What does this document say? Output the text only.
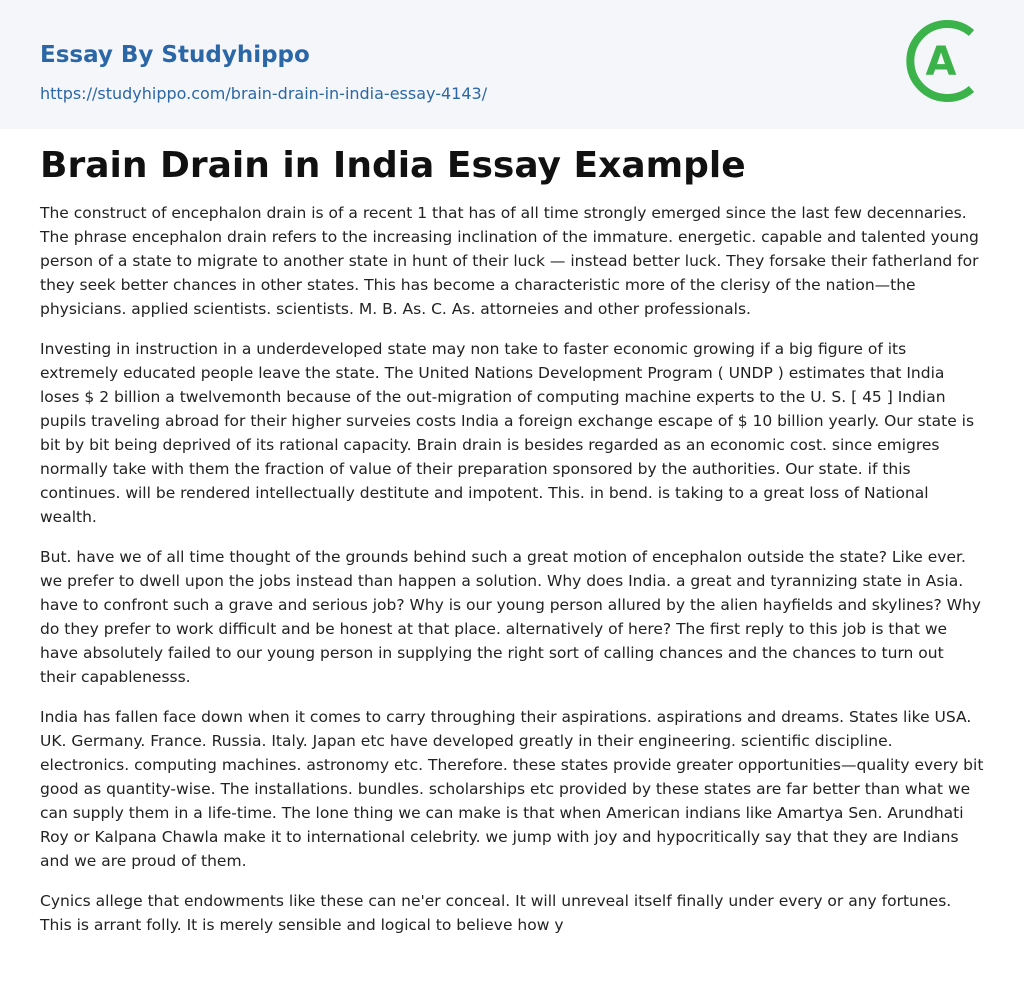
Essay By Studyhippo
https://studyhippo.com/brain-drain-in-india-essay-4143/
A
Brain Drain in India Essay Example

The construct of encephalon drain is of a recent 1 that has of all time strongly emerged since the last few decennaries. The phrase encephalon drain refers to the increasing inclination of the immature. energetic. capable and talented young person of a state to migrate to another state in hunt of their luck — instead better luck. They forsake their fatherland for they seek better chances in other states. This has become a characteristic more of the clerisy of the nation—the physicians. applied scientists. scientists. M. B. As. C. As. attorneies and other professionals.

Investing in instruction in a underdeveloped state may non take to faster economic growing if a big figure of its extremely educated people leave the state. The United Nations Development Program ( UNDP ) estimates that India loses $ 2 billion a twelvemonth because of the out-migration of computing machine experts to the U. S. [ 45 ] Indian pupils traveling abroad for their higher surveies costs India a foreign exchange escape of $ 10 billion yearly. Our state is bit by bit being deprived of its rational capacity. Brain drain is besides regarded as an economic cost. since emigres normally take with them the fraction of value of their preparation sponsored by the authorities. Our state. if this continues. will be rendered intellectually destitute and impotent. This. in bend. is taking to a great loss of National wealth.

But. have we of all time thought of the grounds behind such a great motion of encephalon outside the state? Like ever. we prefer to dwell upon the jobs instead than happen a solution. Why does India. a great and tyrannizing state in Asia. have to confront such a grave and serious job? Why is our young person allured by the alien hayfields and skylines? Why do they prefer to work difficult and be honest at that place. alternatively of here? The first reply to this job is that we have absolutely failed to our young person in supplying the right sort of calling chances and the chances to turn out their capablenesss.

India has fallen face down when it comes to carry throughing their aspirations. aspirations and dreams. States like USA. UK. Germany. France. Russia. Italy. Japan etc have developed greatly in their engineering. scientific discipline. electronics. computing machines. astronomy etc. Therefore. these states provide greater opportunities—quality every bit good as quantity-wise. The installations. bundles. scholarships etc provided by these states are far better than what we can supply them in a life-time. The lone thing we can make is that when American indians like Amartya Sen. Arundhati Roy or Kalpana Chawla make it to international celebrity. we jump with joy and hypocritically say that they are Indians and we are proud of them.

Cynics allege that endowments like these can ne'er conceal. It will unreveal itself finally under every or any fortunes. This is arrant folly. It is merely sensible and logical to believe how y
